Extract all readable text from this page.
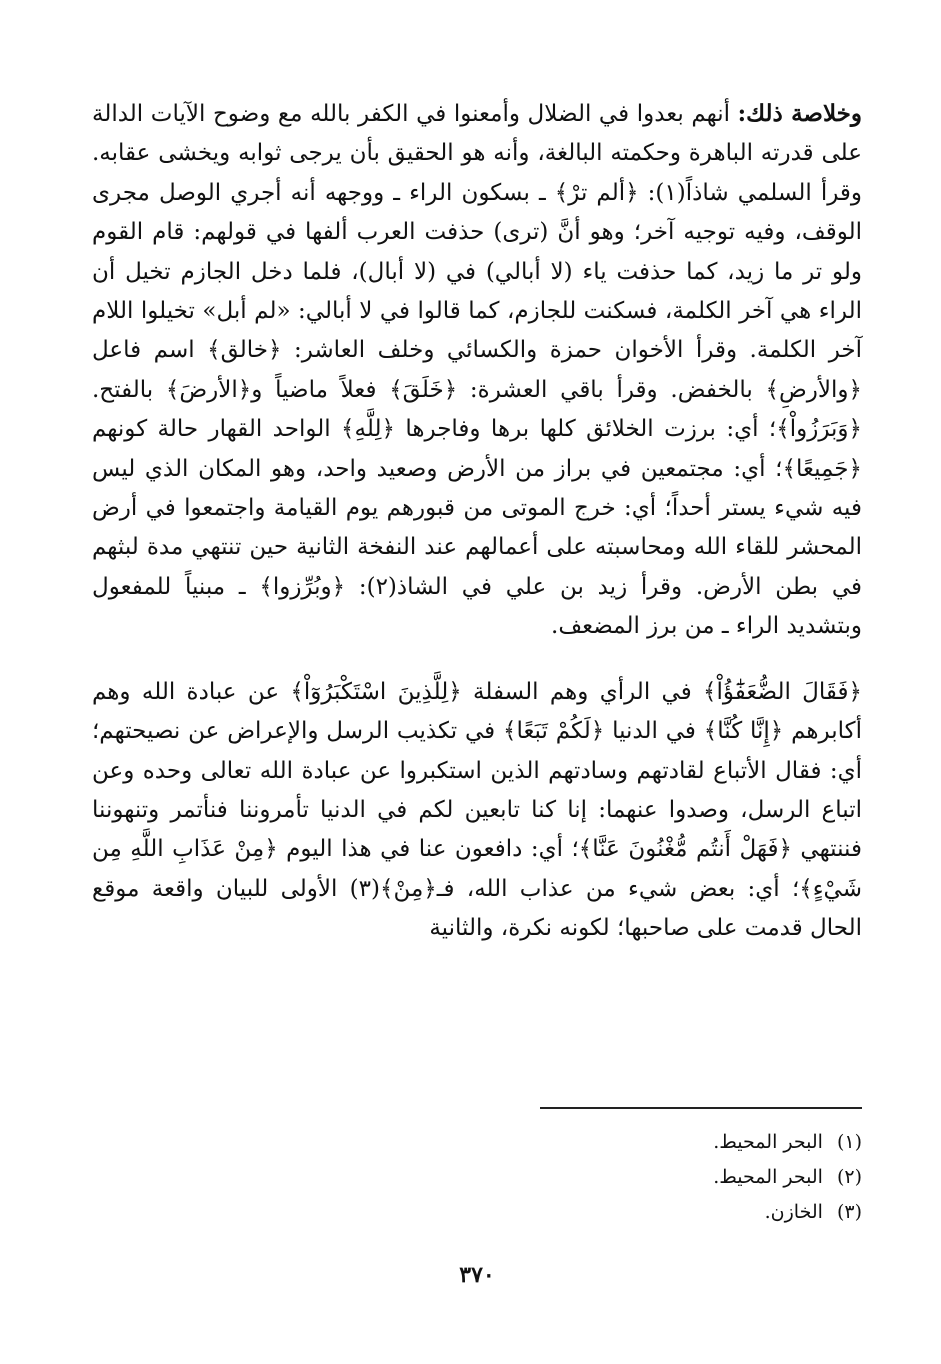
وخلاصة ذلك: أنهم بعدوا في الضلال وأمعنوا في الكفر بالله مع وضوح الآيات الدالة على قدرته الباهرة وحكمته البالغة، وأنه هو الحقيق بأن يرجى ثوابه ويخشى عقابه. وقرأ السلمي شاذاً(١): ﴿ألم ترْ﴾ ـ بسكون الراء ـ ووجهه أنه أجري الوصل مجرى الوقف، وفيه توجيه آخر؛ وهو أنَّ (ترى) حذفت العرب ألفها في قولهم: قام القوم ولو تر ما زيد، كما حذفت ياء (لا أبالي) في (لا أبال)، فلما دخل الجازم تخيل أن الراء هي آخر الكلمة، فسكنت للجازم، كما قالوا في لا أبالي: «لم أبل» تخيلوا اللام آخر الكلمة. وقرأ الأخوان حمزة والكسائي وخلف العاشر: ﴿خالق﴾ اسم فاعل ﴿والأرضِ﴾ بالخفض. وقرأ باقي العشرة: ﴿خَلَقَ﴾ فعلاً ماضياً و﴿الأرضَ﴾ بالفتح. ﴿وَبَرَزُواْ﴾؛ أي: برزت الخلائق كلها برها وفاجرها ﴿لِلَّهِ﴾ الواحد القهار حالة كونهم ﴿جَمِيعًا﴾؛ أي: مجتمعين في براز من الأرض وصعيد واحد، وهو المكان الذي ليس فيه شيء يستر أحداً؛ أي: خرج الموتى من قبورهم يوم القيامة واجتمعوا في أرض المحشر للقاء الله ومحاسبته على أعمالهم عند النفخة الثانية حين تنتهي مدة لبثهم في بطن الأرض. وقرأ زيد بن علي في الشاذ(٢): ﴿وبُرِّزوا﴾ ـ مبنياً للمفعول وبتشديد الراء ـ من برز المضعف.

﴿فَقَالَ الضُّعَفَٰٓؤُاْ﴾ في الرأي وهم السفلة ﴿لِلَّذِينَ اسْتَكْبَرُوٓاْ﴾ عن عبادة الله وهم أكابرهم ﴿إِنَّا كُنَّا﴾ في الدنيا ﴿لَكُمْ تَبَعًا﴾ في تكذيب الرسل والإعراض عن نصيحتهم؛ أي: فقال الأتباع لقادتهم وسادتهم الذين استكبروا عن عبادة الله تعالى وحده وعن اتباع الرسل، وصدوا عنهما: إنا كنا تابعين لكم في الدنيا تأمروننا فنأتمر وتنهوننا فننتهي ﴿فَهَلْ أَنتُم مُّغْنُونَ عَنَّا﴾؛ أي: دافعون عنا في هذا اليوم ﴿مِنْ عَذَابِ اللَّهِ مِن شَيْءٍ﴾؛ أي: بعض شيء من عذاب الله، فـ﴿مِنْ﴾(٣) الأولى للبيان واقعة موقع الحال قدمت على صاحبها؛ لكونه نكرة، والثانية

(١)
البحر المحيط.
(٢)
البحر المحيط.
(٣)
الخازن.
٣٧٠
